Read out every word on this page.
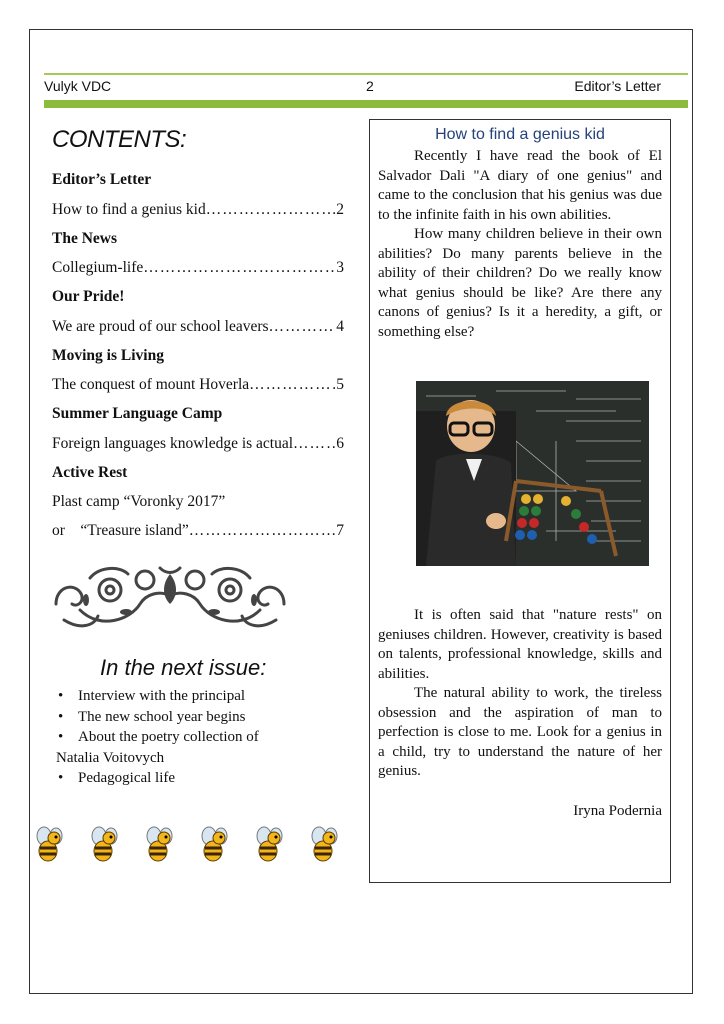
Vulyk VDC	2	Editor’s Letter
CONTENTS:
Editor’s Letter
How to find a genius kid …………………………………………………………	2
The News
Collegium-life …………………………………………………………	3
Our Pride!
We are proud of our school leavers …………………………………………………………	4
Moving is Living
The conquest of mount Hoverla …………………………………………………………	5
Summer Language Camp
Foreign languages knowledge is actual …………………………………………………………	6
Active Rest
Plast camp “Voronky 2017”
or    “Treasure island” …………………………………………………………	7
In the next issue:
• Interview with the principal
• The new school year begins
• About the poetry collection of
Natalia Voitovych
• Pedagogical life
How to find a genius kid

Recently I have read the book of El Salvador Dali "A diary of one genius" and came to the conclusion that his genius was due to the infinite faith in his own abilities.

How many children believe in their own abilities? Do many parents believe in the ability of their children? Do we really know what genius should be like? Are there any canons of genius? Is it a heredity, a gift, or something else?

It is often said that "nature rests" on geniuses children. However, creativity is based on talents, professional knowledge, skills and abilities.

The natural ability to work, the tireless obsession and the aspiration of man to perfection is close to me. Look for a genius in a child, try to understand the nature of her genius.

Iryna Podernia
